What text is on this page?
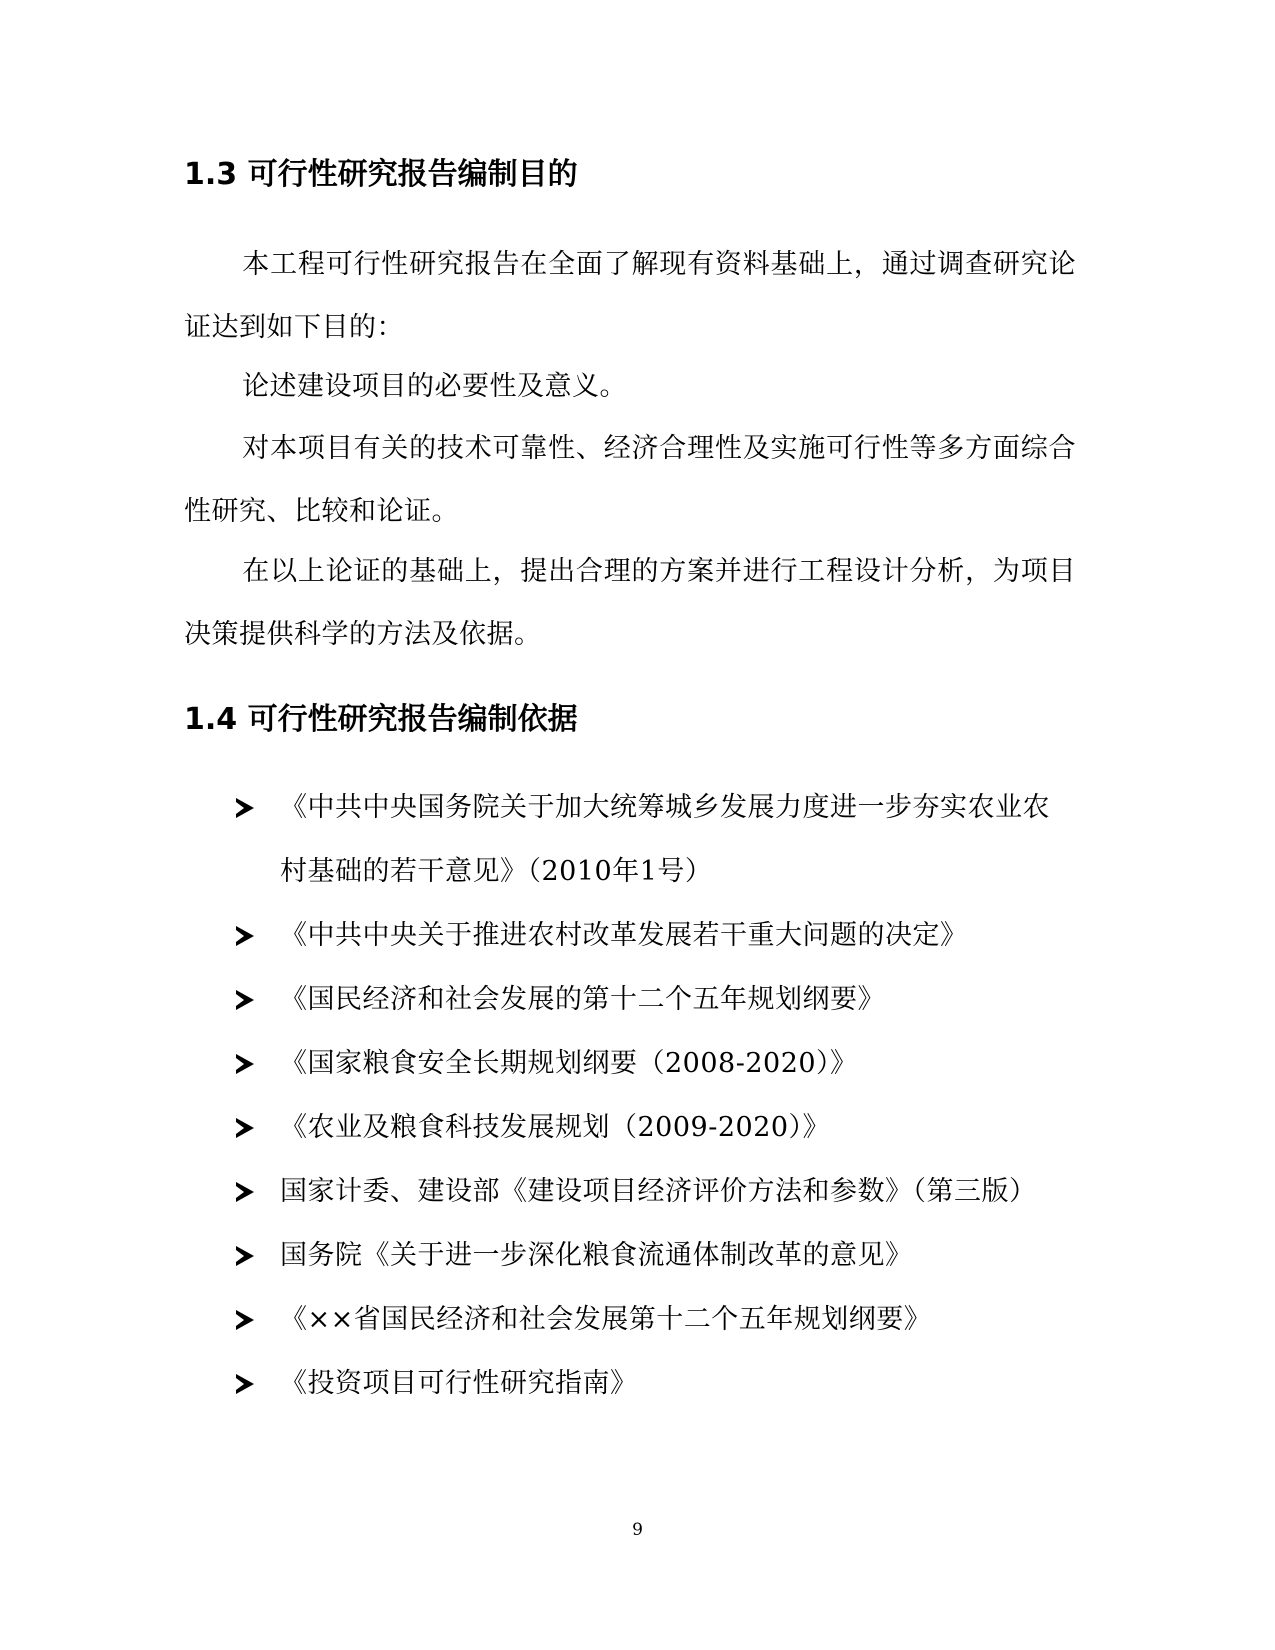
1.3 可行性研究报告编制目的
本工程可行性研究报告在全面了解现有资料基础上，通过调查研究论证达到如下目的：
论述建设项目的必要性及意义。
对本项目有关的技术可靠性、经济合理性及实施可行性等多方面综合性研究、比较和论证。
在以上论证的基础上，提出合理的方案并进行工程设计分析，为项目决策提供科学的方法及依据。
1.4 可行性研究报告编制依据
《中共中央国务院关于加大统筹城乡发展力度进一步夯实农业农村基础的若干意见》（2010年1号）
《中共中央关于推进农村改革发展若干重大问题的决定》
《国民经济和社会发展的第十二个五年规划纲要》
《国家粮食安全长期规划纲要（2008-2020）》
《农业及粮食科技发展规划（2009-2020）》
国家计委、建设部《建设项目经济评价方法和参数》（第三版）
国务院《关于进一步深化粮食流通体制改革的意见》
《××省国民经济和社会发展第十二个五年规划纲要》
《投资项目可行性研究指南》
9
